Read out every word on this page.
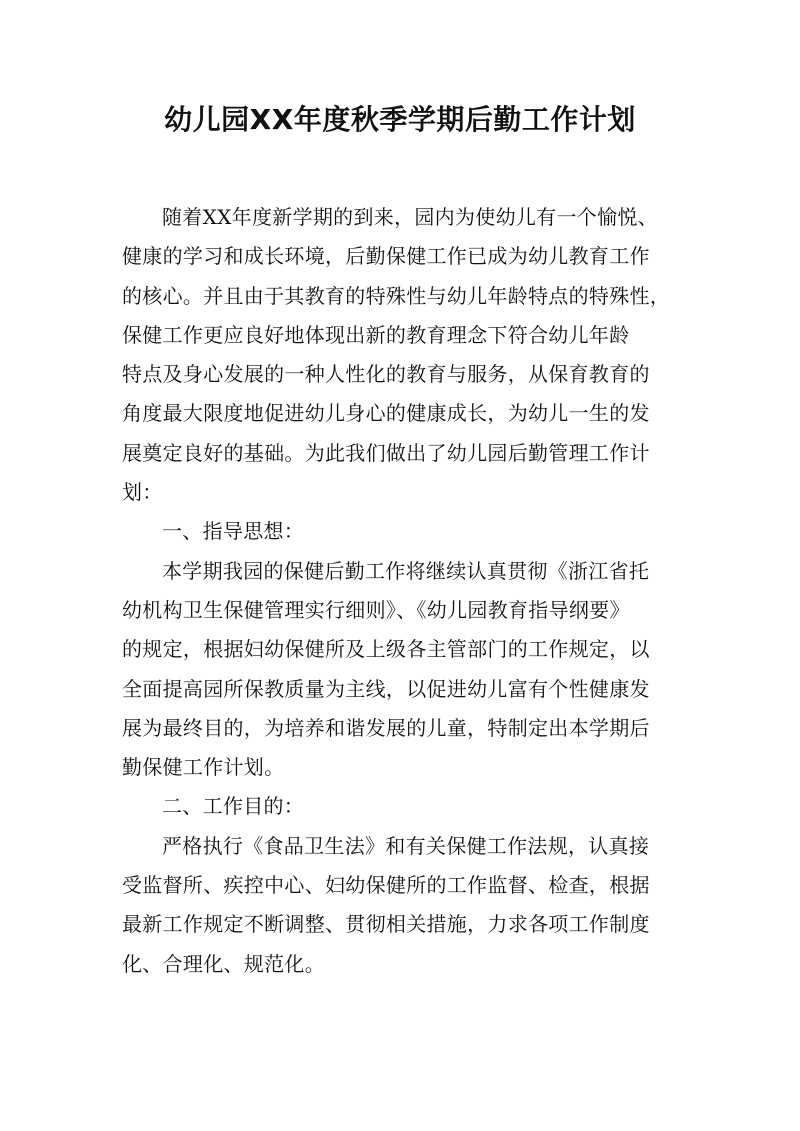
幼儿园XX年度秋季学期后勤工作计划
随着XX年度新学期的到来，园内为使幼儿有一个愉悦、
健康的学习和成长环境，后勤保健工作已成为幼儿教育工作
的核心。并且由于其教育的特殊性与幼儿年龄特点的特殊性，
保健工作更应良好地体现出新的教育理念下符合幼儿年龄
特点及身心发展的一种人性化的教育与服务，从保育教育的
角度最大限度地促进幼儿身心的健康成长，为幼儿一生的发
展奠定良好的基础。为此我们做出了幼儿园后勤管理工作计
划：
一、指导思想：
本学期我园的保健后勤工作将继续认真贯彻《浙江省托
幼机构卫生保健管理实行细则》、《幼儿园教育指导纲要》
的规定，根据妇幼保健所及上级各主管部门的工作规定，以
全面提高园所保教质量为主线，以促进幼儿富有个性健康发
展为最终目的，为培养和谐发展的儿童，特制定出本学期后
勤保健工作计划。
二、工作目的：
严格执行《食品卫生法》和有关保健工作法规，认真接
受监督所、疾控中心、妇幼保健所的工作监督、检查，根据
最新工作规定不断调整、贯彻相关措施，力求各项工作制度
化、合理化、规范化。
